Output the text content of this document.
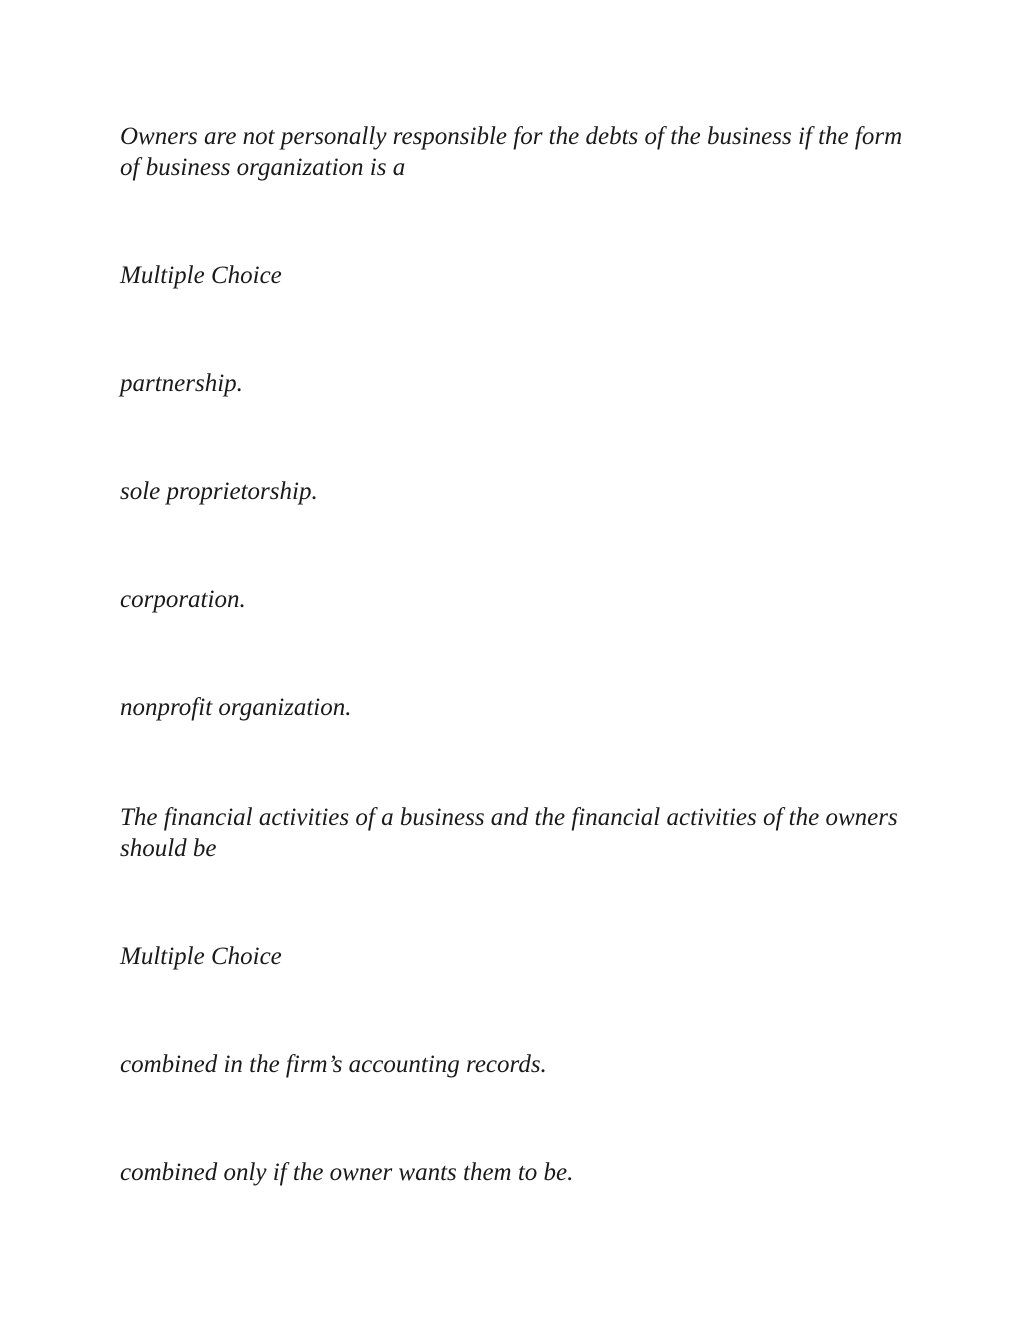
Owners are not personally responsible for the debts of the business if the form of business organization is a

Multiple Choice

partnership.

sole proprietorship.

corporation.

nonprofit organization.

The financial activities of a business and the financial activities of the owners should be

Multiple Choice

combined in the firm’s accounting records.

combined only if the owner wants them to be.
